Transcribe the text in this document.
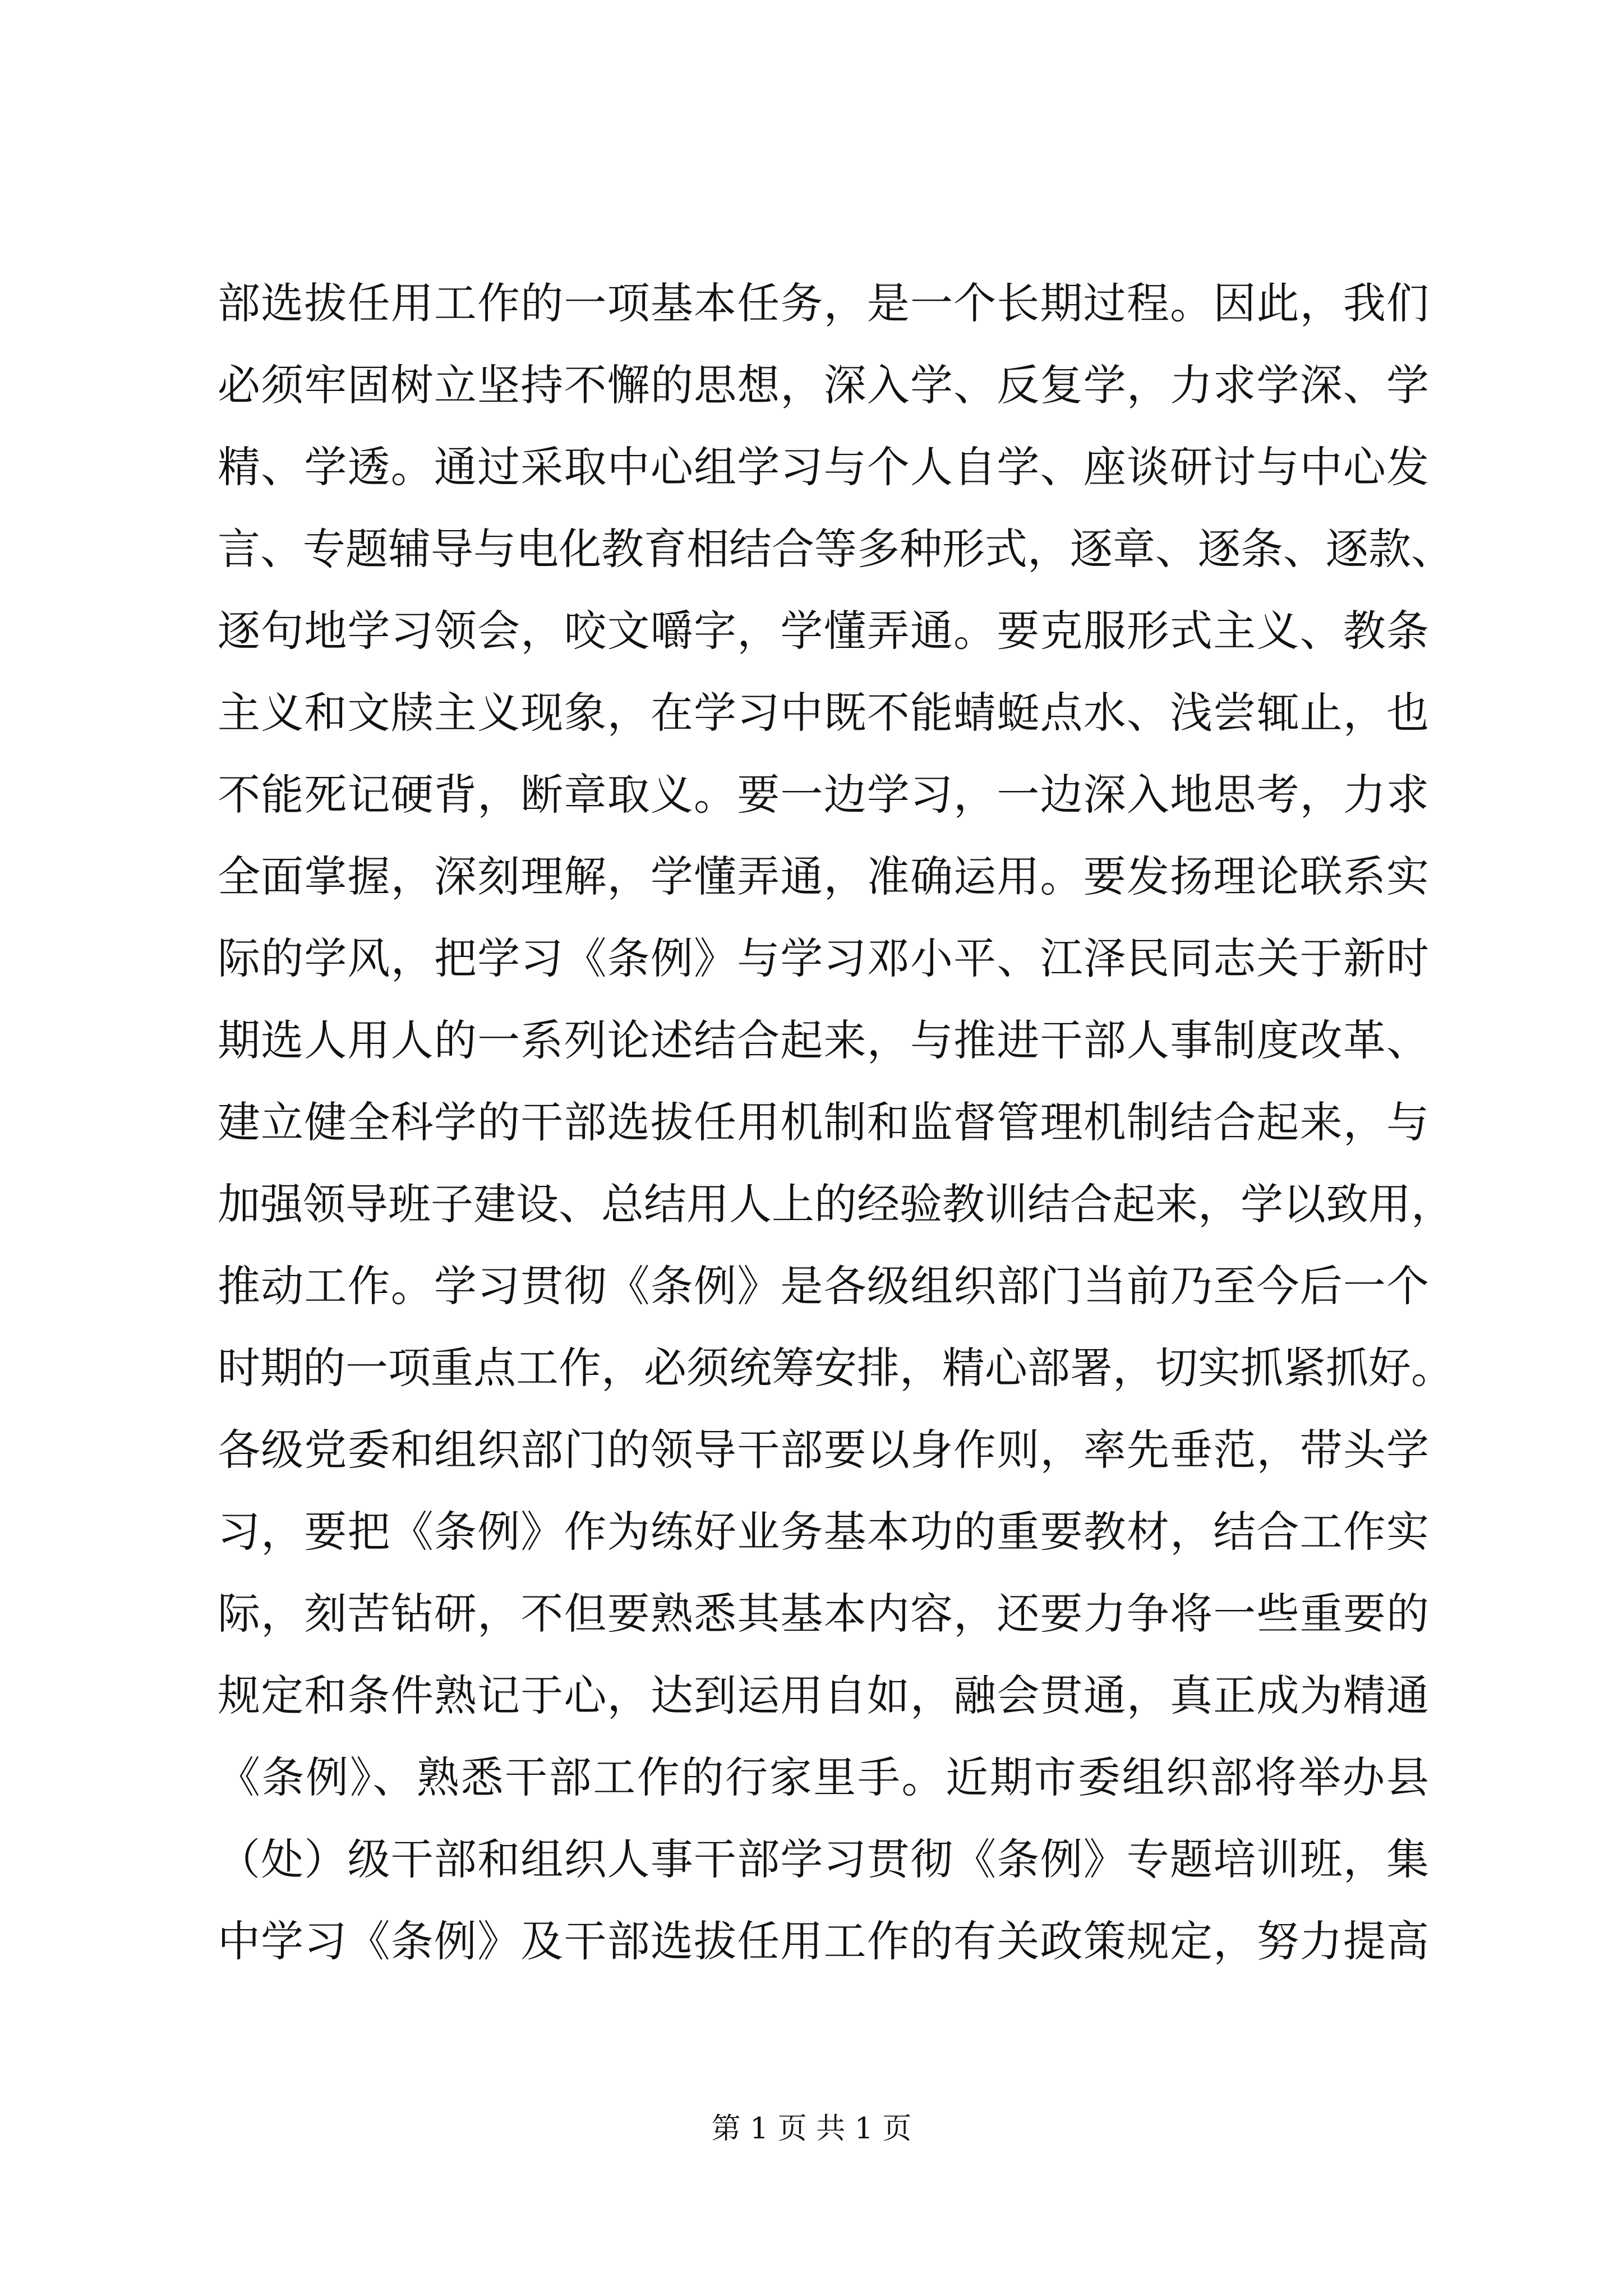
部选拔任用工作的一项基本任务，是一个长期过程。因此，我们
必须牢固树立坚持不懈的思想，深入学、反复学，力求学深、学
精、学透。通过采取中心组学习与个人自学、座谈研讨与中心发
言、专题辅导与电化教育相结合等多种形式，逐章、逐条、逐款、
逐句地学习领会，咬文嚼字，学懂弄通。要克服形式主义、教条
主义和文牍主义现象，在学习中既不能蜻蜓点水、浅尝辄止，也
不能死记硬背，断章取义。要一边学习，一边深入地思考，力求
全面掌握，深刻理解，学懂弄通，准确运用。要发扬理论联系实
际的学风，把学习《条例》与学习邓小平、江泽民同志关于新时
期选人用人的一系列论述结合起来，与推进干部人事制度改革、
建立健全科学的干部选拔任用机制和监督管理机制结合起来，与
加强领导班子建设、总结用人上的经验教训结合起来，学以致用，
推动工作。学习贯彻《条例》是各级组织部门当前乃至今后一个
时期的一项重点工作，必须统筹安排，精心部署，切实抓紧抓好。
各级党委和组织部门的领导干部要以身作则，率先垂范，带头学
习，要把《条例》作为练好业务基本功的重要教材，结合工作实
际，刻苦钻研，不但要熟悉其基本内容，还要力争将一些重要的
规定和条件熟记于心，达到运用自如，融会贯通，真正成为精通
《条例》、熟悉干部工作的行家里手。近期市委组织部将举办县
（处）级干部和组织人事干部学习贯彻《条例》专题培训班，集
中学习《条例》及干部选拔任用工作的有关政策规定，努力提高
第 1 页 共 1 页
